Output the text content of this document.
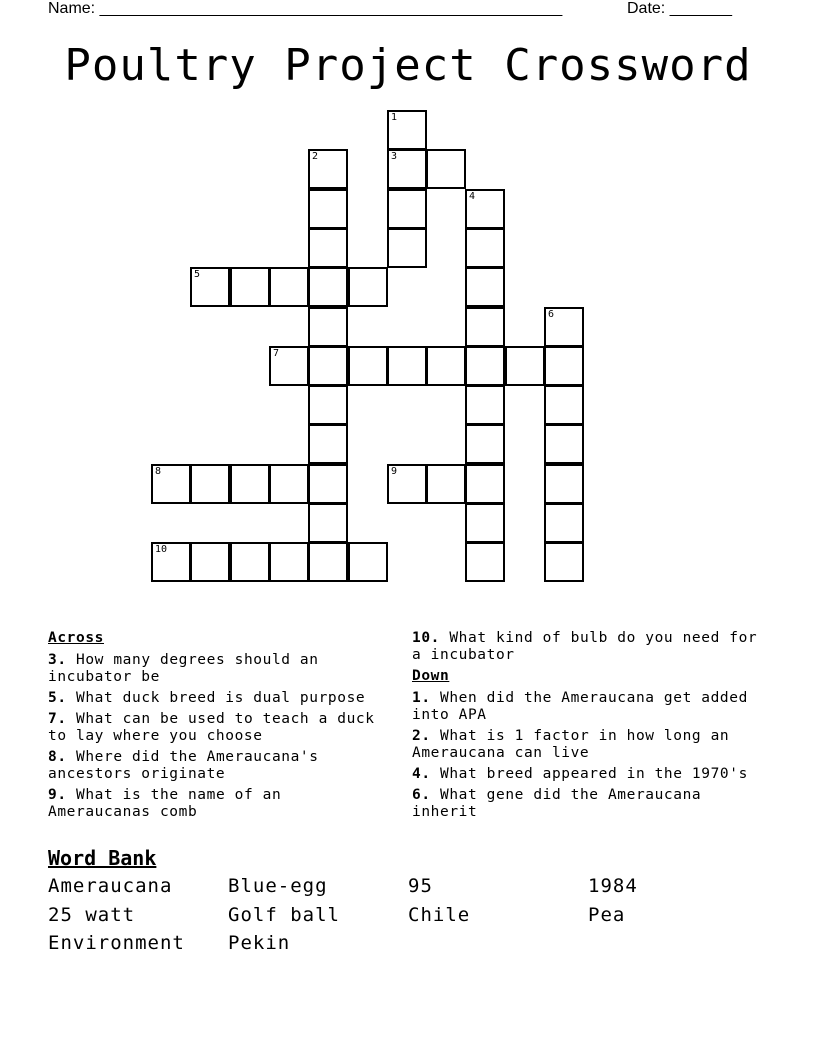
Name: ____________________________________________________	Date: _______
Poultry Project Crossword
1
3
2
4
5
6
7
8	9
10
Across
3. How many degrees should an incubator be
5. What duck breed is dual purpose
7. What can be used to teach a duck to lay where you choose
8. Where did the Ameraucana's ancestors originate
9. What is the name of an Ameraucanas comb
10. What kind of bulb do you need for a incubator
Down
1. When did the Ameraucana get added into APA
2. What is 1 factor in how long an Ameraucana can live
4. What breed appeared in the 1970's
6. What gene did the Ameraucana inherit
Word Bank
Ameraucana	Blue-egg	95	1984
25 watt	Golf ball	Chile	Pea
Environment Pekin
